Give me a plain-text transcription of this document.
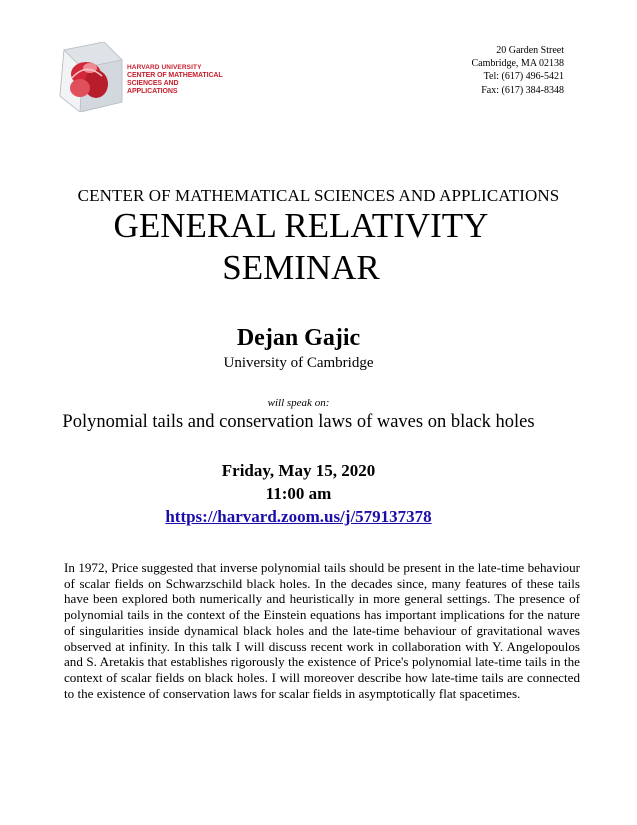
HARVARD UNIVERSITY
CENTER OF MATHEMATICAL
SCIENCES AND APPLICATIONS
20 Garden Street
Cambridge, MA 02138
Tel: (617) 496-5421
Fax: (617) 384-8348
CENTER OF MATHEMATICAL SCIENCES AND APPLICATIONS
GENERAL RELATIVITY SEMINAR
Dejan Gajic
University of Cambridge
will speak on:
Polynomial tails and conservation laws of waves on black holes
Friday, May 15, 2020
11:00 am
https://harvard.zoom.us/j/579137378
In 1972, Price suggested that inverse polynomial tails should be present in the late-time behaviour of scalar fields on Schwarzschild black holes. In the decades since, many features of these tails have been explored both numerically and heuristically in more general settings. The presence of polynomial tails in the context of the Einstein equations has important implications for the nature of singularities inside dynamical black holes and the late-time behaviour of gravitational waves observed at infinity. In this talk I will discuss recent work in collaboration with Y. Angelopoulos and S. Aretakis that establishes rigorously the existence of Price's polynomial late-time tails in the context of scalar fields on black holes. I will moreover describe how late-time tails are connected to the existence of conservation laws for scalar fields in asymptotically flat spacetimes.
